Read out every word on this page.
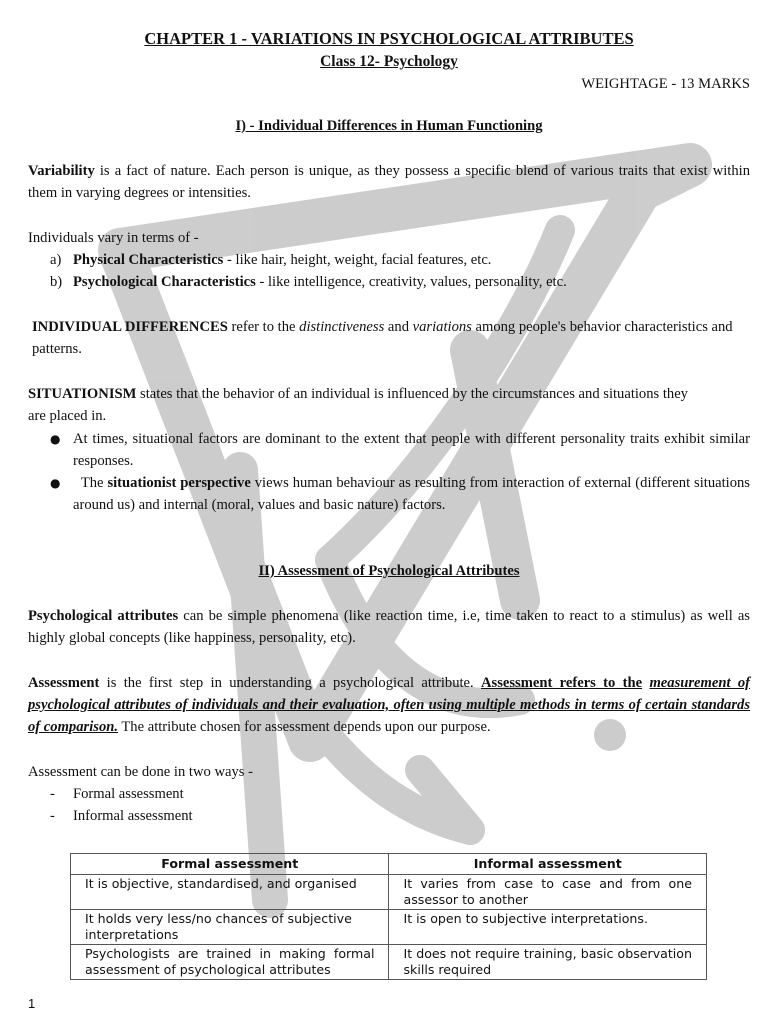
CHAPTER 1 - VARIATIONS IN PSYCHOLOGICAL ATTRIBUTES
Class 12- Psychology
WEIGHTAGE - 13 MARKS
I) - Individual Differences in Human Functioning

Variability is a fact of nature. Each person is unique, as they possess a specific blend of various traits that exist within them in varying degrees or intensities.

Individuals vary in terms of -

a) Physical Characteristics - like hair, height, weight, facial features, etc.
b) Psychological Characteristics - like intelligence, creativity, values, personality, etc.

INDIVIDUAL DIFFERENCES refer to the distinctiveness and variations among people's behavior characteristics and patterns.

SITUATIONISM states that the behavior of an individual is influenced by the circumstances and situations they are placed in.

● At times, situational factors are dominant to the extent that people with different personality traits exhibit similar responses.
● The situationist perspective views human behaviour as resulting from interaction of external (different situations around us) and internal (moral, values and basic nature) factors.
II) Assessment of Psychological Attributes

Psychological attributes can be simple phenomena (like reaction time, i.e, time taken to react to a stimulus) as well as highly global concepts (like happiness, personality, etc).

Assessment is the first step in understanding a psychological attribute. Assessment refers to the measurement of psychological attributes of individuals and their evaluation, often using multiple methods in terms of certain standards of comparison. The attribute chosen for assessment depends upon our purpose.

Assessment can be done in two ways -

- Formal assessment
- Informal assessment
Formal assessment	Informal assessment
It is objective, standardised, and organised	It varies from case to case and from one assessor to another
It holds very less/no chances of subjective interpretations	It is open to subjective interpretations.
Psychologists are trained in making formal assessment of psychological attributes	It does not require training, basic observation skills required
1
